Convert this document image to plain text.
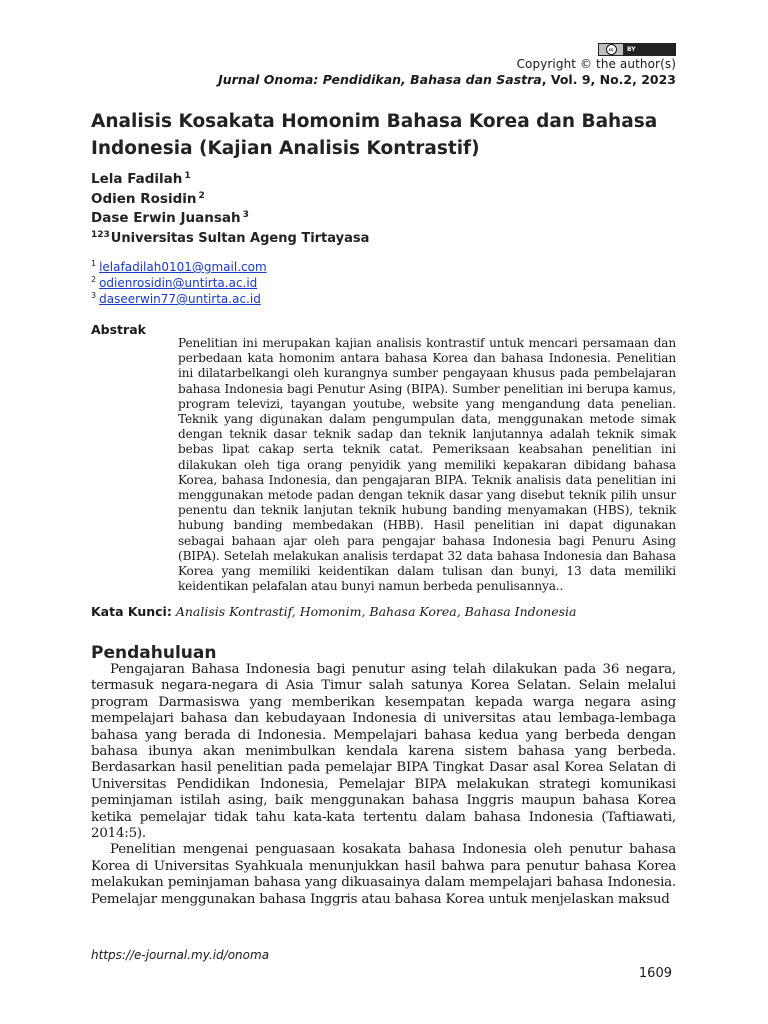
cc	BY
Copyright © the author(s)
Jurnal Onoma: Pendidikan, Bahasa dan Sastra, Vol. 9, No.2, 2023
Analisis Kosakata Homonim Bahasa Korea dan Bahasa
Indonesia (Kajian Analisis Kontrastif)
Lela Fadilah $^1$
Odien Rosidin $^2$
Dase Erwin Juansah $^3$
$^{123}$Universitas Sultan Ageng Tirtayasa
$^1$ lelafadilah0101@gmail.com
$^2$ odienrosidin@untirta.ac.id
$^3$ daseerwin77@untirta.ac.id
Abstrak
Penelitian ini merupakan kajian analisis kontrastif untuk mencari persamaan dan perbedaan kata homonim antara bahasa Korea dan bahasa Indonesia. Penelitian ini dilatarbelkangi oleh kurangnya sumber pengayaan khusus pada pembelajaran bahasa Indonesia bagi Penutur Asing (BIPA). Sumber penelitian ini berupa kamus, program televizi, tayangan youtube, website yang mengandung data penelian. Teknik yang digunakan dalam pengumpulan data, menggunakan metode simak dengan teknik dasar teknik sadap dan teknik lanjutannya adalah teknik simak bebas lipat cakap serta teknik catat. Pemeriksaan keabsahan penelitian ini dilakukan oleh tiga orang penyidik yang memiliki kepakaran dibidang bahasa Korea, bahasa Indonesia, dan pengajaran BIPA. Teknik analisis data penelitian ini menggunakan metode padan dengan teknik dasar yang disebut teknik pilih unsur penentu dan teknik lanjutan teknik hubung banding menyamakan (HBS), teknik hubung banding membedakan (HBB). Hasil penelitian ini dapat digunakan sebagai bahaan ajar oleh para pengajar bahasa Indonesia bagi Penuru Asing (BIPA). Setelah melakukan analisis terdapat 32 data bahasa Indonesia dan Bahasa Korea yang memiliki keidentikan dalam tulisan dan bunyi, 13 data memiliki keidentikan pelafalan atau bunyi namun berbeda penulisannya..
Kata Kunci: Analisis Kontrastif, Homonim, Bahasa Korea, Bahasa Indonesia
Pendahuluan

Pengajaran Bahasa Indonesia bagi penutur asing telah dilakukan pada 36 negara, termasuk negara-negara di Asia Timur salah satunya Korea Selatan. Selain melalui program Darmasiswa yang memberikan kesempatan kepada warga negara asing mempelajari bahasa dan kebudayaan Indonesia di universitas atau lembaga-lembaga bahasa yang berada di Indonesia. Mempelajari bahasa kedua yang berbeda dengan bahasa ibunya akan menimbulkan kendala karena sistem bahasa yang berbeda. Berdasarkan hasil penelitian pada pemelajar BIPA Tingkat Dasar asal Korea Selatan di Universitas Pendidikan Indonesia, Pemelajar BIPA melakukan strategi komunikasi peminjaman istilah asing, baik menggunakan bahasa Inggris maupun bahasa Korea ketika pemelajar tidak tahu kata-kata tertentu dalam bahasa Indonesia (Taftiawati, 2014:5).

Penelitian mengenai penguasaan kosakata bahasa Indonesia oleh penutur bahasa Korea di Universitas Syahkuala menunjukkan hasil bahwa para penutur bahasa Korea melakukan peminjaman bahasa yang dikuasainya dalam mempelajari bahasa Indonesia. Pemelajar menggunakan bahasa Inggris atau bahasa Korea untuk menjelaskan maksud

https://e-journal.my.id/onoma
1609
